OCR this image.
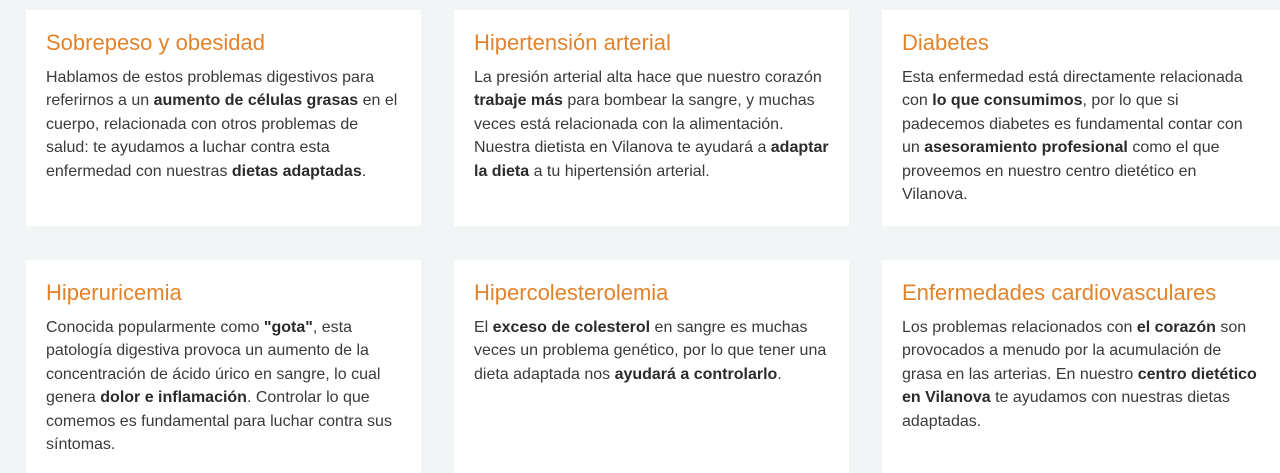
Sobrepeso y obesidad

Hablamos de estos problemas digestivos para referirnos a un aumento de células grasas en el cuerpo, relacionada con otros problemas de salud: te ayudamos a luchar contra esta enfermedad con nuestras dietas adaptadas.

Hipertensión arterial

La presión arterial alta hace que nuestro corazón trabaje más para bombear la sangre, y muchas veces está relacionada con la alimentación. Nuestra dietista en Vilanova te ayudará a adaptar la dieta a tu hipertensión arterial.

Diabetes

Esta enfermedad está directamente relacionada con lo que consumimos, por lo que si padecemos diabetes es fundamental contar con un asesoramiento profesional como el que proveemos en nuestro centro dietético en Vilanova.

Hiperuricemia

Conocida popularmente como "gota", esta patología digestiva provoca un aumento de la concentración de ácido úrico en sangre, lo cual genera dolor e inflamación. Controlar lo que comemos es fundamental para luchar contra sus síntomas.

Hipercolesterolemia

El exceso de colesterol en sangre es muchas veces un problema genético, por lo que tener una dieta adaptada nos ayudará a controlarlo.

Enfermedades cardiovasculares

Los problemas relacionados con el corazón son provocados a menudo por la acumulación de grasa en las arterias. En nuestro centro dietético en Vilanova te ayudamos con nuestras dietas adaptadas.
